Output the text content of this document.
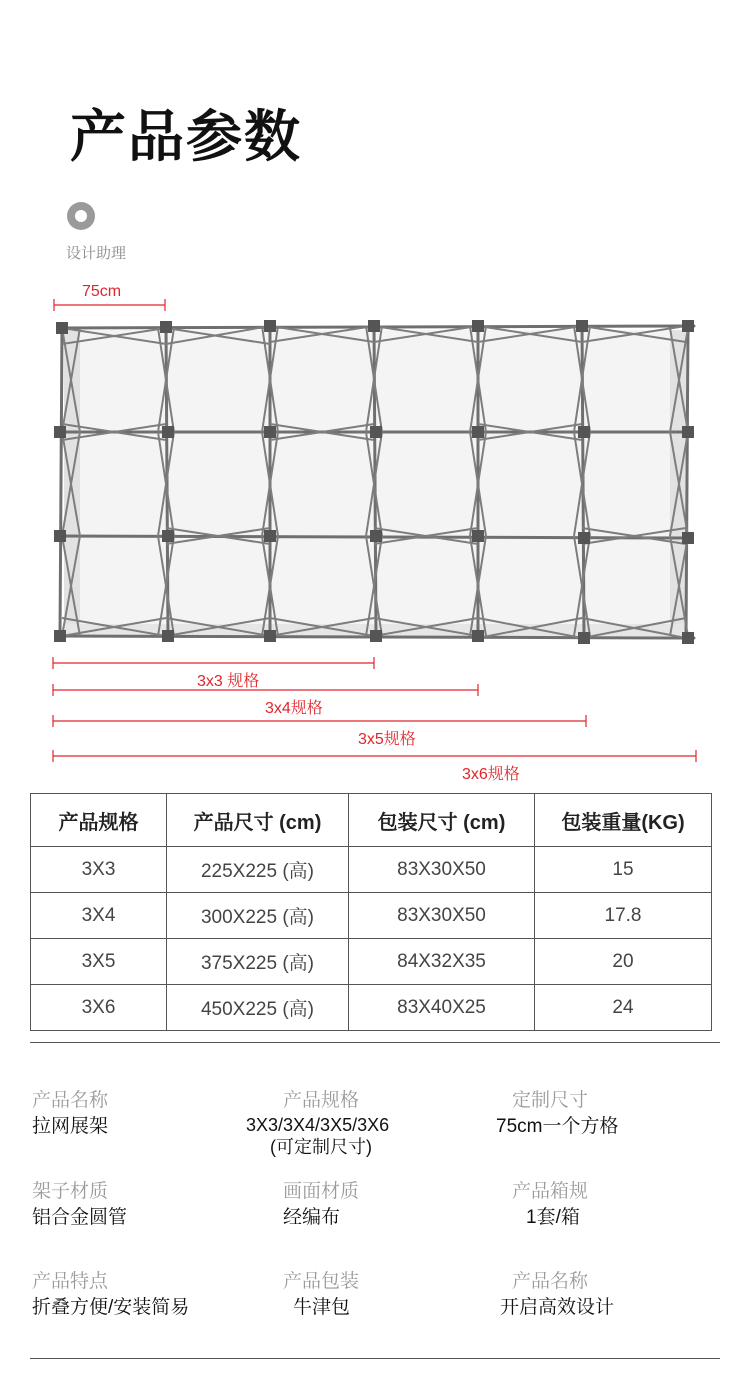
产品参数
设计助理
75cm
3x3 规格
3x4规格
3x5规格
3x6规格
产品规格	产品尺寸 (cm)	包装尺寸 (cm)	包装重量(KG)
3X3	225X225 (高)	83X30X50	15
3X4	300X225 (高)	83X30X50	17.8
3X5	375X225 (高)	84X32X35	20
3X6	450X225 (高)	83X40X25	24
产品名称
拉网展架
产品规格
3X3/3X4/3X5/3X6
(可定制尺寸)
定制尺寸
75cm一个方格
架子材质
铝合金圆管
画面材质
经编布
产品箱规
1套/箱
产品特点
折叠方便/安装简易
产品包装
牛津包
产品名称
开启高效设计
